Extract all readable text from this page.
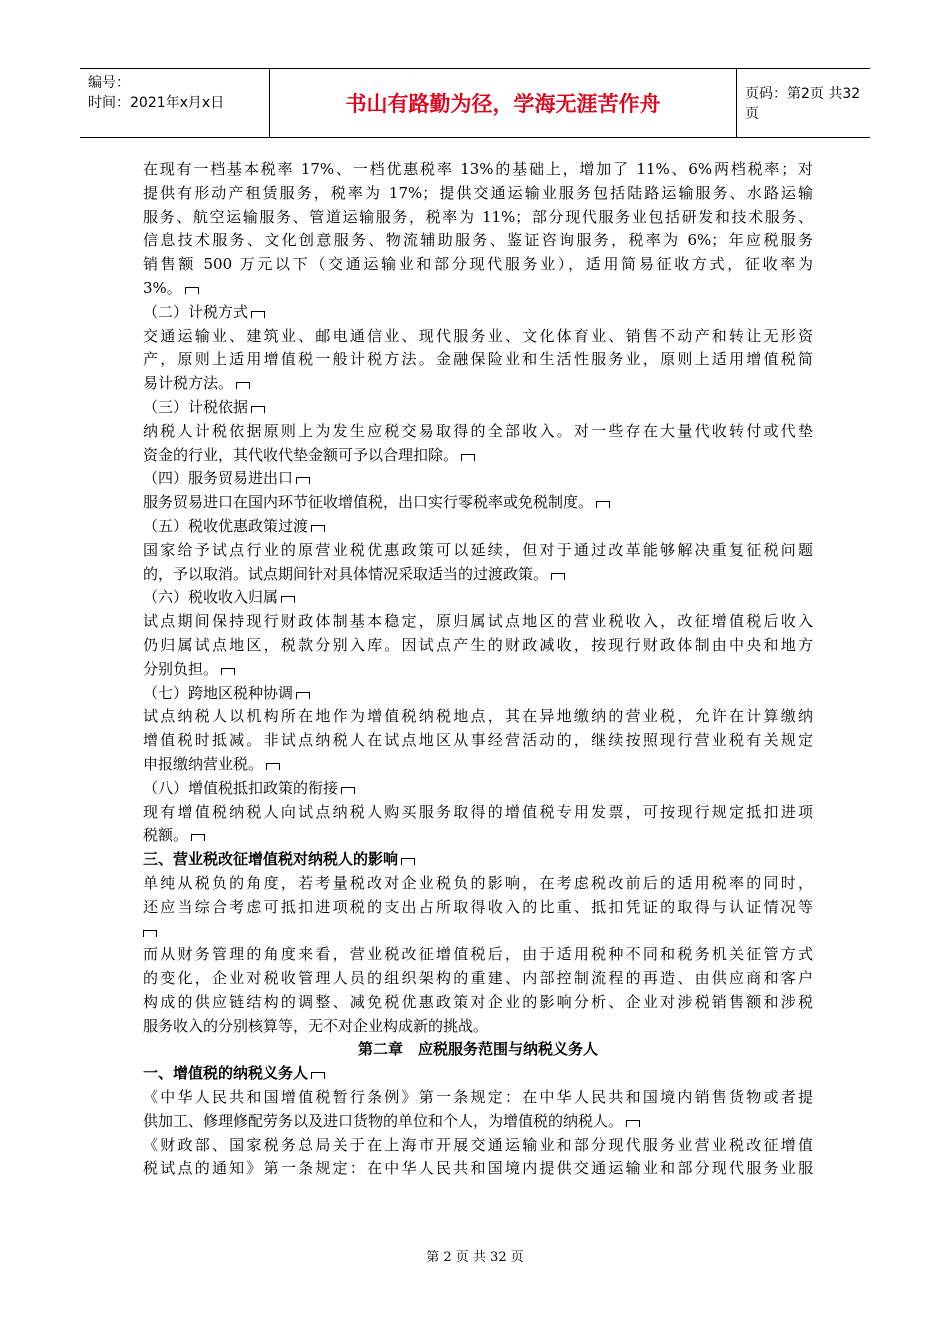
编号：
时间：2021年x月x日	书山有路勤为径，学海无涯苦作舟	页码：第2页 共32页
在现有一档基本税率 17%、一档优惠税率 13%的基础上，增加了 11%、6%两档税率；对
提供有形动产租赁服务，税率为 17%；提供交通运输业服务包括陆路运输服务、水路运输
服务、航空运输服务、管道运输服务，税率为 11%；部分现代服务业包括研发和技术服务、
信息技术服务、文化创意服务、物流辅助服务、鉴证咨询服务，税率为 6%；年应税服务
销售额 500 万元以下（交通运输业和部分现代服务业），适用简易征收方式，征收率为
3%。
（二）计税方式
交通运输业、建筑业、邮电通信业、现代服务业、文化体育业、销售不动产和转让无形资
产，原则上适用增值税一般计税方法。金融保险业和生活性服务业，原则上适用增值税简
易计税方法。
（三）计税依据
纳税人计税依据原则上为发生应税交易取得的全部收入。对一些存在大量代收转付或代垫
资金的行业，其代收代垫金额可予以合理扣除。
（四）服务贸易进出口
服务贸易进口在国内环节征收增值税，出口实行零税率或免税制度。
（五）税收优惠政策过渡
国家给予试点行业的原营业税优惠政策可以延续，但对于通过改革能够解决重复征税问题
的，予以取消。试点期间针对具体情况采取适当的过渡政策。
（六）税收收入归属
试点期间保持现行财政体制基本稳定，原归属试点地区的营业税收入，改征增值税后收入
仍归属试点地区，税款分别入库。因试点产生的财政减收，按现行财政体制由中央和地方
分别负担。
（七）跨地区税种协调
试点纳税人以机构所在地作为增值税纳税地点，其在异地缴纳的营业税，允许在计算缴纳
增值税时抵减。非试点纳税人在试点地区从事经营活动的，继续按照现行营业税有关规定
申报缴纳营业税。
（八）增值税抵扣政策的衔接
现有增值税纳税人向试点纳税人购买服务取得的增值税专用发票，可按现行规定抵扣进项
税额。
三、营业税改征增值税对纳税人的影响
单纯从税负的角度，若考量税改对企业税负的影响，在考虑税改前后的适用税率的同时，
还应当综合考虑可抵扣进项税的支出占所取得收入的比重、抵扣凭证的取得与认证情况等
而从财务管理的角度来看，营业税改征增值税后，由于适用税种不同和税务机关征管方式
的变化，企业对税收管理人员的组织架构的重建、内部控制流程的再造、由供应商和客户
构成的供应链结构的调整、减免税优惠政策对企业的影响分析、企业对涉税销售额和涉税
服务收入的分别核算等，无不对企业构成新的挑战。
第二章　应税服务范围与纳税义务人
一、增值税的纳税义务人
《中华人民共和国增值税暂行条例》第一条规定：在中华人民共和国境内销售货物或者提
供加工、修理修配劳务以及进口货物的单位和个人，为增值税的纳税人。
《财政部、国家税务总局关于在上海市开展交通运输业和部分现代服务业营业税改征增值
税试点的通知》第一条规定：在中华人民共和国境内提供交通运输业和部分现代服务业服
第 2 页 共 32 页
